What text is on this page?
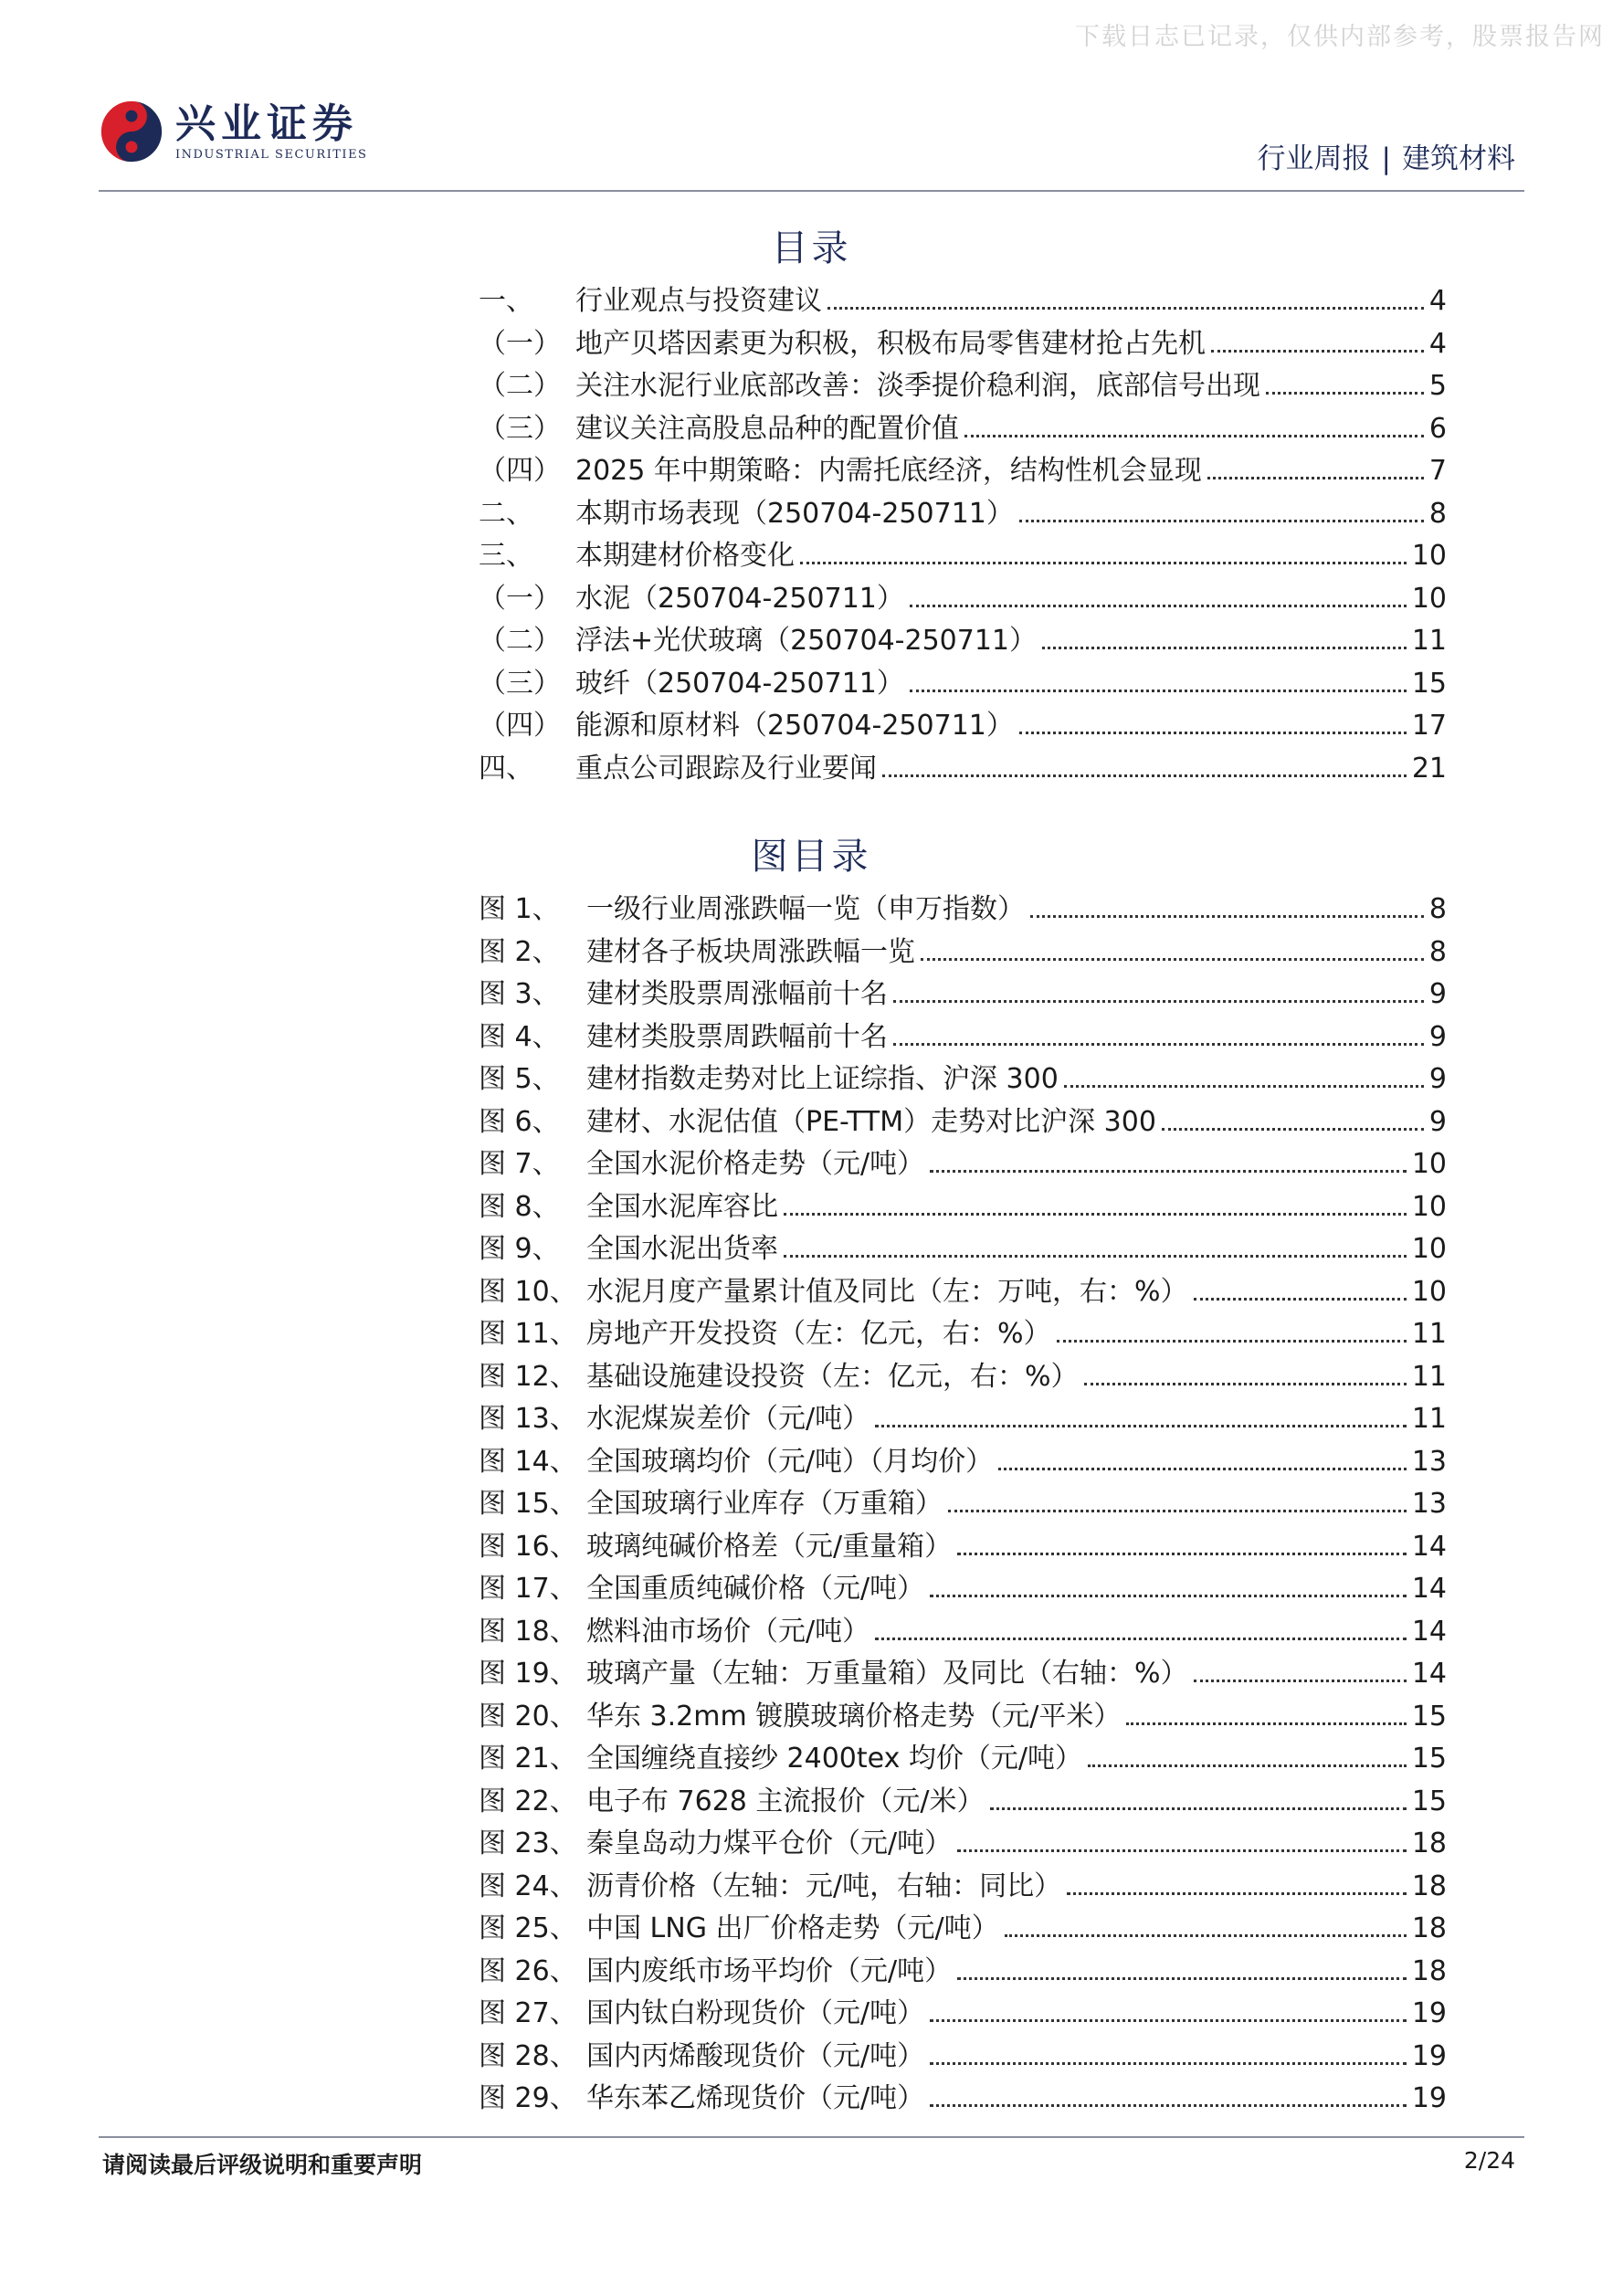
下载日志已记录，仅供内部参考，股票报告网
兴业证券
INDUSTRIAL SECURITIES	行业周报 | 建筑材料
目录
一、	行业观点与投资建议	4
（一） 地产贝塔因素更为积极，积极布局零售建材抢占先机	4
（二） 关注水泥行业底部改善：淡季提价稳利润，底部信号出现	5
（三） 建议关注高股息品种的配置价值	6
（四） 2025 年中期策略：内需托底经济，结构性机会显现	7
二、	本期市场表现（250704-250711）	8
三、	本期建材价格变化	10
（一） 水泥（250704-250711）	10
（二） 浮法+光伏玻璃（250704-250711）	11
（三） 玻纤（250704-250711）	15
（四） 能源和原材料（250704-250711）	17
四、	重点公司跟踪及行业要闻	21
图目录
图 1、 一级行业周涨跌幅一览（申万指数）	8
图 2、 建材各子板块周涨跌幅一览	8
图 3、 建材类股票周涨幅前十名	9
图 4、 建材类股票周跌幅前十名	9
图 5、 建材指数走势对比上证综指、沪深 300	9
图 6、 建材、水泥估值（PE-TTM）走势对比沪深 300	9
图 7、 全国水泥价格走势（元/吨）	10
图 8、 全国水泥库容比	10
图 9、 全国水泥出货率	10
图 10、 水泥月度产量累计值及同比（左：万吨，右：%）	10
图 11、 房地产开发投资（左：亿元，右：%）	11
图 12、 基础设施建设投资（左：亿元，右：%）	11
图 13、 水泥煤炭差价（元/吨）	11
图 14、 全国玻璃均价（元/吨）（月均价）	13
图 15、 全国玻璃行业库存（万重箱）	13
图 16、 玻璃纯碱价格差（元/重量箱）	14
图 17、 全国重质纯碱价格（元/吨）	14
图 18、 燃料油市场价（元/吨）	14
图 19、 玻璃产量（左轴：万重量箱）及同比（右轴：%）	14
图 20、 华东 3.2mm 镀膜玻璃价格走势（元/平米）	15
图 21、 全国缠绕直接纱 2400tex 均价（元/吨）	15
图 22、 电子布 7628 主流报价（元/米）	15
图 23、 秦皇岛动力煤平仓价（元/吨）	18
图 24、 沥青价格（左轴：元/吨，右轴：同比）	18
图 25、 中国 LNG 出厂价格走势（元/吨）	18
图 26、 国内废纸市场平均价（元/吨）	18
图 27、 国内钛白粉现货价（元/吨）	19
图 28、 国内丙烯酸现货价（元/吨）	19
图 29、 华东苯乙烯现货价（元/吨）	19
请阅读最后评级说明和重要声明	2/24
